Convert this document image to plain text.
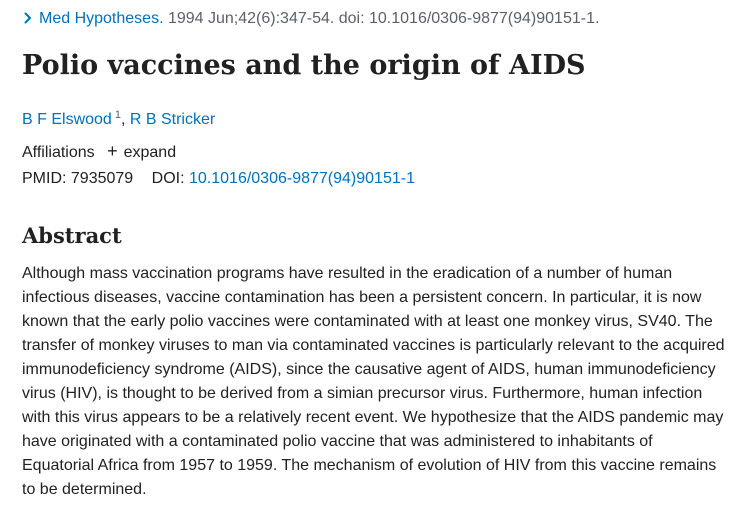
Med Hypotheses. 1994 Jun;42(6):347-54. doi: 10.1016/0306-9877(94)90151-1.
Polio vaccines and the origin of AIDS
B F Elswood $^1$, R B Stricker
Affiliations + expand
PMID: 7935079 DOI: 10.1016/0306-9877(94)90151-1
Abstract
Although mass vaccination programs have resulted in the eradication of a number of human
infectious diseases, vaccine contamination has been a persistent concern. In particular, it is now
known that the early polio vaccines were contaminated with at least one monkey virus, SV40. The
transfer of monkey viruses to man via contaminated vaccines is particularly relevant to the acquired
immunodeficiency syndrome (AIDS), since the causative agent of AIDS, human immunodeficiency
virus (HIV), is thought to be derived from a simian precursor virus. Furthermore, human infection
with this virus appears to be a relatively recent event. We hypothesize that the AIDS pandemic may
have originated with a contaminated polio vaccine that was administered to inhabitants of
Equatorial Africa from 1957 to 1959. The mechanism of evolution of HIV from this vaccine remains
to be determined.
